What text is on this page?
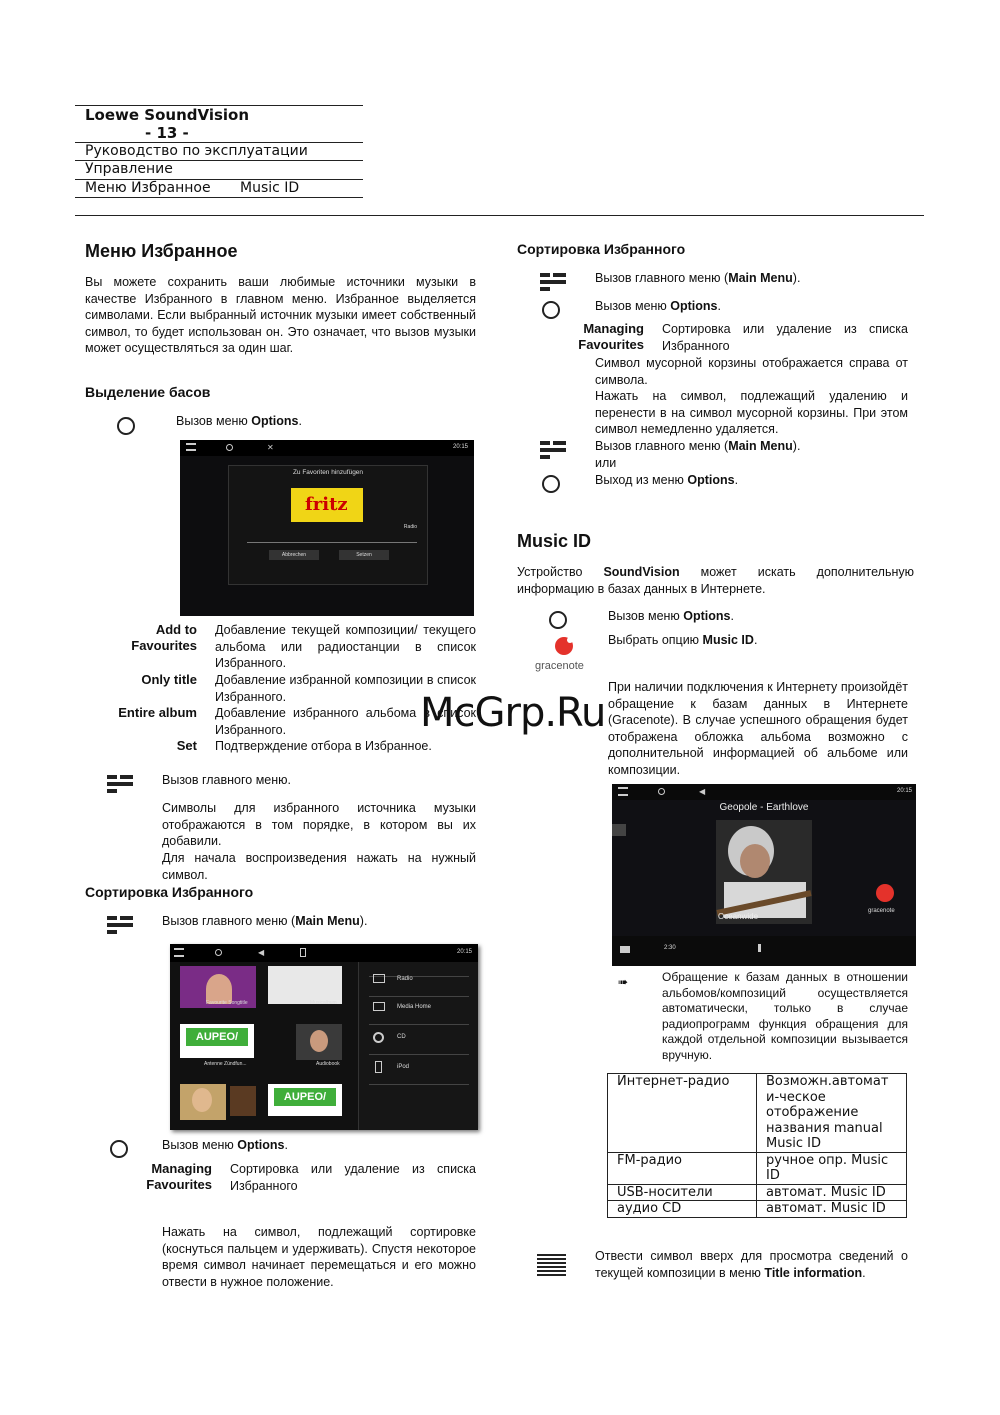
Loewe SoundVision
- 13 -
Руководство по эксплуатации
Управление
Меню Избранное Music ID
Меню Избранное
Вы можете сохранить ваши любимые источники музыки в качестве Избранного в главном меню. Избранное выделяется символами. Если выбранный источник музыки имеет собственный символ, то будет использован он. Это означает, что вызов музыки может осуществляться за один шаг.
Выделение басов
Вызов меню Options.
✕	20:15
Zu Favoriten hinzufügen
fritz
Radio
Abbrechen	Setzen
Add to Favourites
Добавление текущей композиции/ текущего альбома или радиостанции в список Избранного.
Only title Добавление избранной композиции в список Избранного.
Entire album Добавление избранного альбома в список Избранного.
Set Подтверждение отбора в Избранное.
Вызов главного меню.
Символы для избранного источника музыки отображаются в том порядке, в котором вы их добавили.
Для начала воспроизведения нажать на нужный символ.
Сортировка Избранного
Вызов главного меню (Main Menu).
◀	20:15
Favourite Songtitle	Musicalbum
AUPEO/
Antenne Zündfun...	Audiobook
AUPEO/
Radio
Media Home
CD
iPod
Вызов меню Options.
Managing Favourites
Сортировка или удаление из списка Избранного
Нажать на символ, подлежащий сортировке (коснуться пальцем и удерживать). Спустя некоторое время символ начинает перемещаться и его можно отвести в нужное положение.
Сортировка Избранного
Вызов главного меню (Main Menu).
Вызов меню Options.
Managing Favourites
Сортировка или удаление из списка Избранного
Символ мусорной корзины отображается справа от символа.
Нажать на символ, подлежащий удалению и перенести в на символ мусорной корзины. При этом символ немедленно удаляется.
Вызов главного меню (Main Menu).
или
Выход из меню Options.
Music ID
Устройство SoundVision может искать дополнительную информацию в базах данных в Интернете.
Вызов меню Options.
gracenote
Выбрать опцию Music ID.
При наличии подключения к Интернету произойдёт обращение к базам данных в Интернете (Gracenote). В случае успешного обращения будет отображена обложка альбома возможно с дополнительной информацией об альбоме или композиции.
◀	20:15
Geopole - Earthlove
Oceanwide
gracenote
2:30
➠	Обращение к базам данных в отношении альбомов/композиций осуществляется автоматически, только в случае радиопрограмм функция обращения для каждой отдельной композиции вызывается вручную.
Интернет-радио	Возможн.автомат и-ческое отображение названия manual Music ID
FM-радио	ручное опр. Music ID
USB-носители	автомат. Music ID
аудио CD	автомат. Music ID
Отвести символ вверх для просмотра сведений о текущей композиции в меню Title information.
McGrp.Ru
